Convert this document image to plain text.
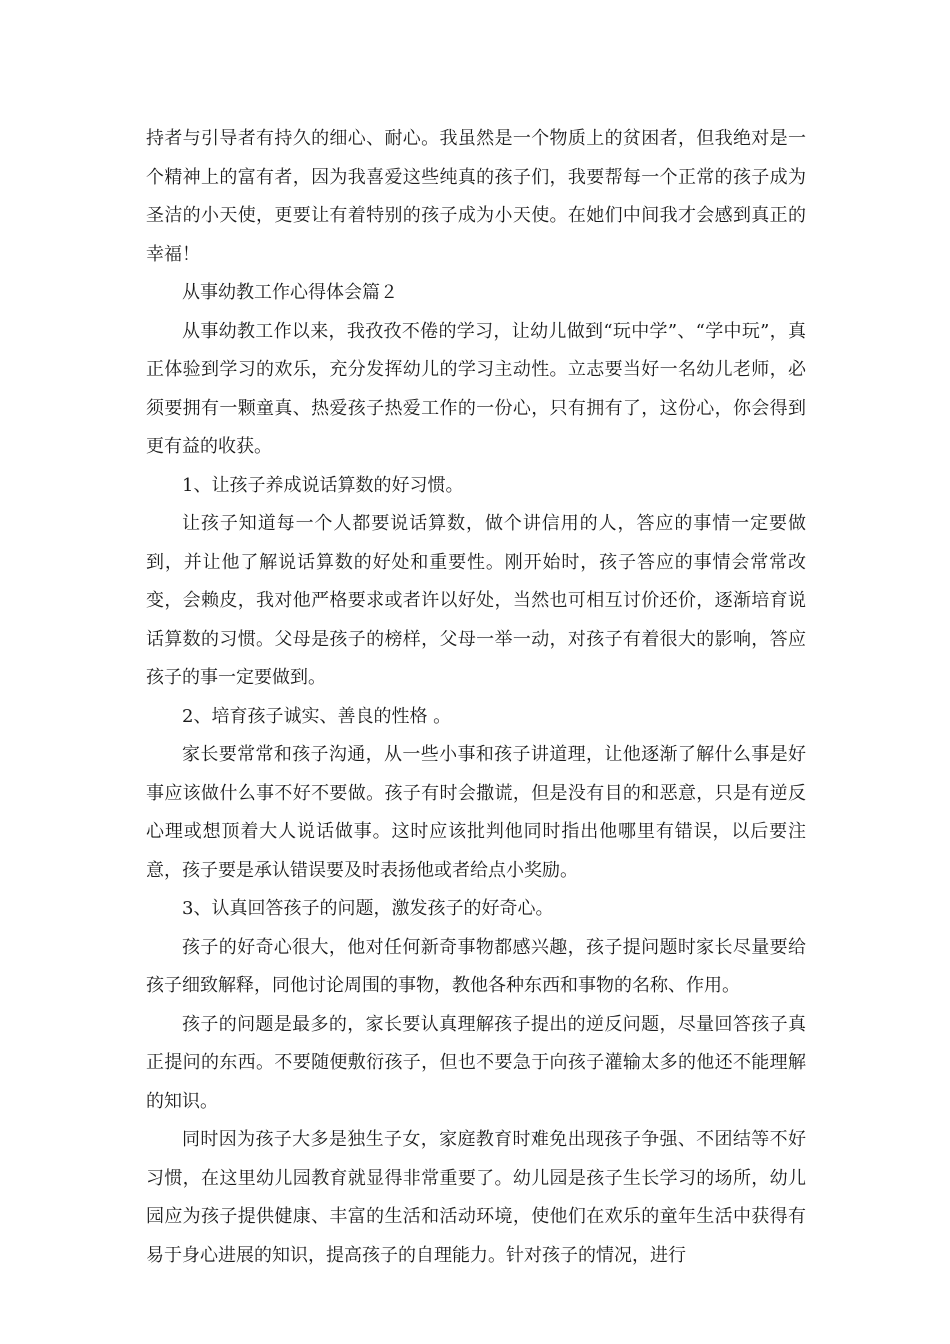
持者与引导者有持久的细心、耐心。我虽然是一个物质上的贫困者，但我绝对是一个精神上的富有者，因为我喜爱这些纯真的孩子们，我要帮每一个正常的孩子成为圣洁的小天使，更要让有着特别的孩子成为小天使。在她们中间我才会感到真正的幸福！

从事幼教工作心得体会篇２

从事幼教工作以来，我孜孜不倦的学习，让幼儿做到“玩中学”、“学中玩”，真正体验到学习的欢乐，充分发挥幼儿的学习主动性。立志要当好一名幼儿老师，必须要拥有一颗童真、热爱孩子热爱工作的一份心，只有拥有了，这份心，你会得到更有益的收获。

1、让孩子养成说话算数的好习惯。

让孩子知道每一个人都要说话算数，做个讲信用的人，答应的事情一定要做到，并让他了解说话算数的好处和重要性。刚开始时，孩子答应的事情会常常改变，会赖皮，我对他严格要求或者许以好处，当然也可相互讨价还价，逐渐培育说话算数的习惯。父母是孩子的榜样，父母一举一动，对孩子有着很大的影响，答应孩子的事一定要做到。

2、培育孩子诚实、善良的性格 。

家长要常常和孩子沟通，从一些小事和孩子讲道理，让他逐渐了解什么事是好事应该做什么事不好不要做。孩子有时会撒谎，但是没有目的和恶意，只是有逆反心理或想顶着大人说话做事。这时应该批判他同时指出他哪里有错误，以后要注意，孩子要是承认错误要及时表扬他或者给点小奖励。

3、认真回答孩子的问题，激发孩子的好奇心。

孩子的好奇心很大，他对任何新奇事物都感兴趣，孩子提问题时家长尽量要给孩子细致解释，同他讨论周围的事物，教他各种东西和事物的名称、作用。

孩子的问题是最多的，家长要认真理解孩子提出的逆反问题，尽量回答孩子真正提问的东西。不要随便敷衍孩子，但也不要急于向孩子灌输太多的他还不能理解的知识。

同时因为孩子大多是独生子女，家庭教育时难免出现孩子争强、不团结等不好习惯，在这里幼儿园教育就显得非常重要了。幼儿园是孩子生长学习的场所，幼儿园应为孩子提供健康、丰富的生活和活动环境，使他们在欢乐的童年生活中获得有易于身心进展的知识，提高孩子的自理能力。针对孩子的情况，进行
